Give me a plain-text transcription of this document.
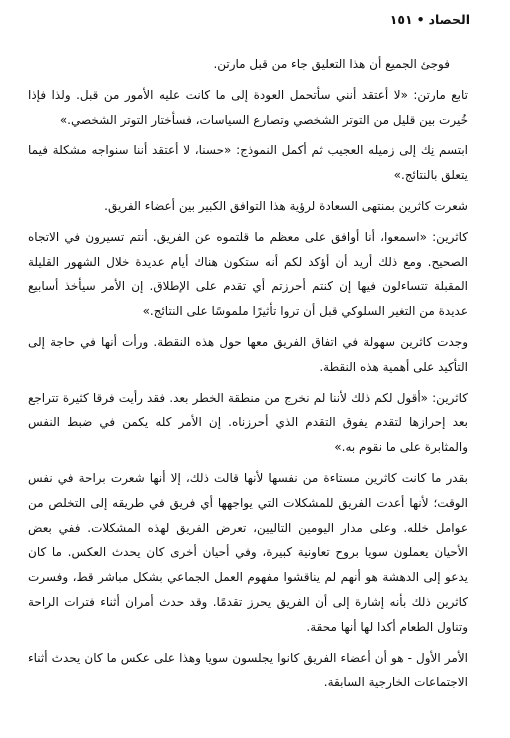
الحصاد•١٥١

فوجئ الجميع أن هذا التعليق جاء من قبل مارتن.

تابع مارتن: «لا أعتقد أنني سأتحمل العودة إلى ما كانت عليه الأمور من قبل. ولذا فإذا خُيرت بين قليل من التوتر الشخصي وتصارع السياسات، فسأختار التوتر الشخصي.»

ابتسم نِك إلى زميله العجيب ثم أكمل النموذج: «حسنا، لا أعتقد أننا سنواجه مشكلة فيما يتعلق بالنتائج.»

شعرت كاثرين بمنتهى السعادة لرؤية هذا التوافق الكبير بين أعضاء الفريق.

كاثرين: «اسمعوا، أنا أوافق على معظم ما قلتموه عن الفريق. أنتم تسيرون في الاتجاه الصحيح. ومع ذلك أريد أن أؤكد لكم أنه ستكون هناك أيام عديدة خلال الشهور القليلة المقبلة تتساءلون فيها إن كنتم أحرزتم أي تقدم على الإطلاق. إن الأمر سيأخذ أسابيع عديدة من التغير السلوكي قبل أن تروا تأثيرًا ملموسًا على النتائج.»

وجدت كاثرين سهولة في اتفاق الفريق معها حول هذه النقطة. ورأت أنها في حاجة إلى التأكيد على أهمية هذه النقطة.

كاثرين: «أقول لكم ذلك لأننا لم نخرج من منطقة الخطر بعد. فقد رأيت فرقا كثيرة تتراجع بعد إحرازها لتقدم يفوق التقدم الذي أحرزناه. إن الأمر كله يكمن في ضبط النفس والمثابرة على ما نقوم به.»

بقدر ما كانت كاثرين مستاءة من نفسها لأنها قالت ذلك، إلا أنها شعرت براحة في نفس الوقت؛ لأنها أعدت الفريق للمشكلات التي يواجهها أي فريق في طريقه إلى التخلص من عوامل خلله. وعلى مدار اليومين التاليين، تعرض الفريق لهذه المشكلات. ففي بعض الأحيان يعملون سويا بروح تعاونية كبيرة، وفي أحيان أخرى كان يحدث العكس. ما كان يدعو إلى الدهشة هو أنهم لم يناقشوا مفهوم العمل الجماعي بشكل مباشر قط، وفسرت كاثرين ذلك بأنه إشارة إلى أن الفريق يحرز تقدمًا. وقد حدث أمران أثناء فترات الراحة وتناول الطعام أكدا لها أنها محقة.

الأمر الأول - هو أن أعضاء الفريق كانوا يجلسون سويا وهذا على عكس ما كان يحدث أثناء الاجتماعات الخارجية السابقة.
